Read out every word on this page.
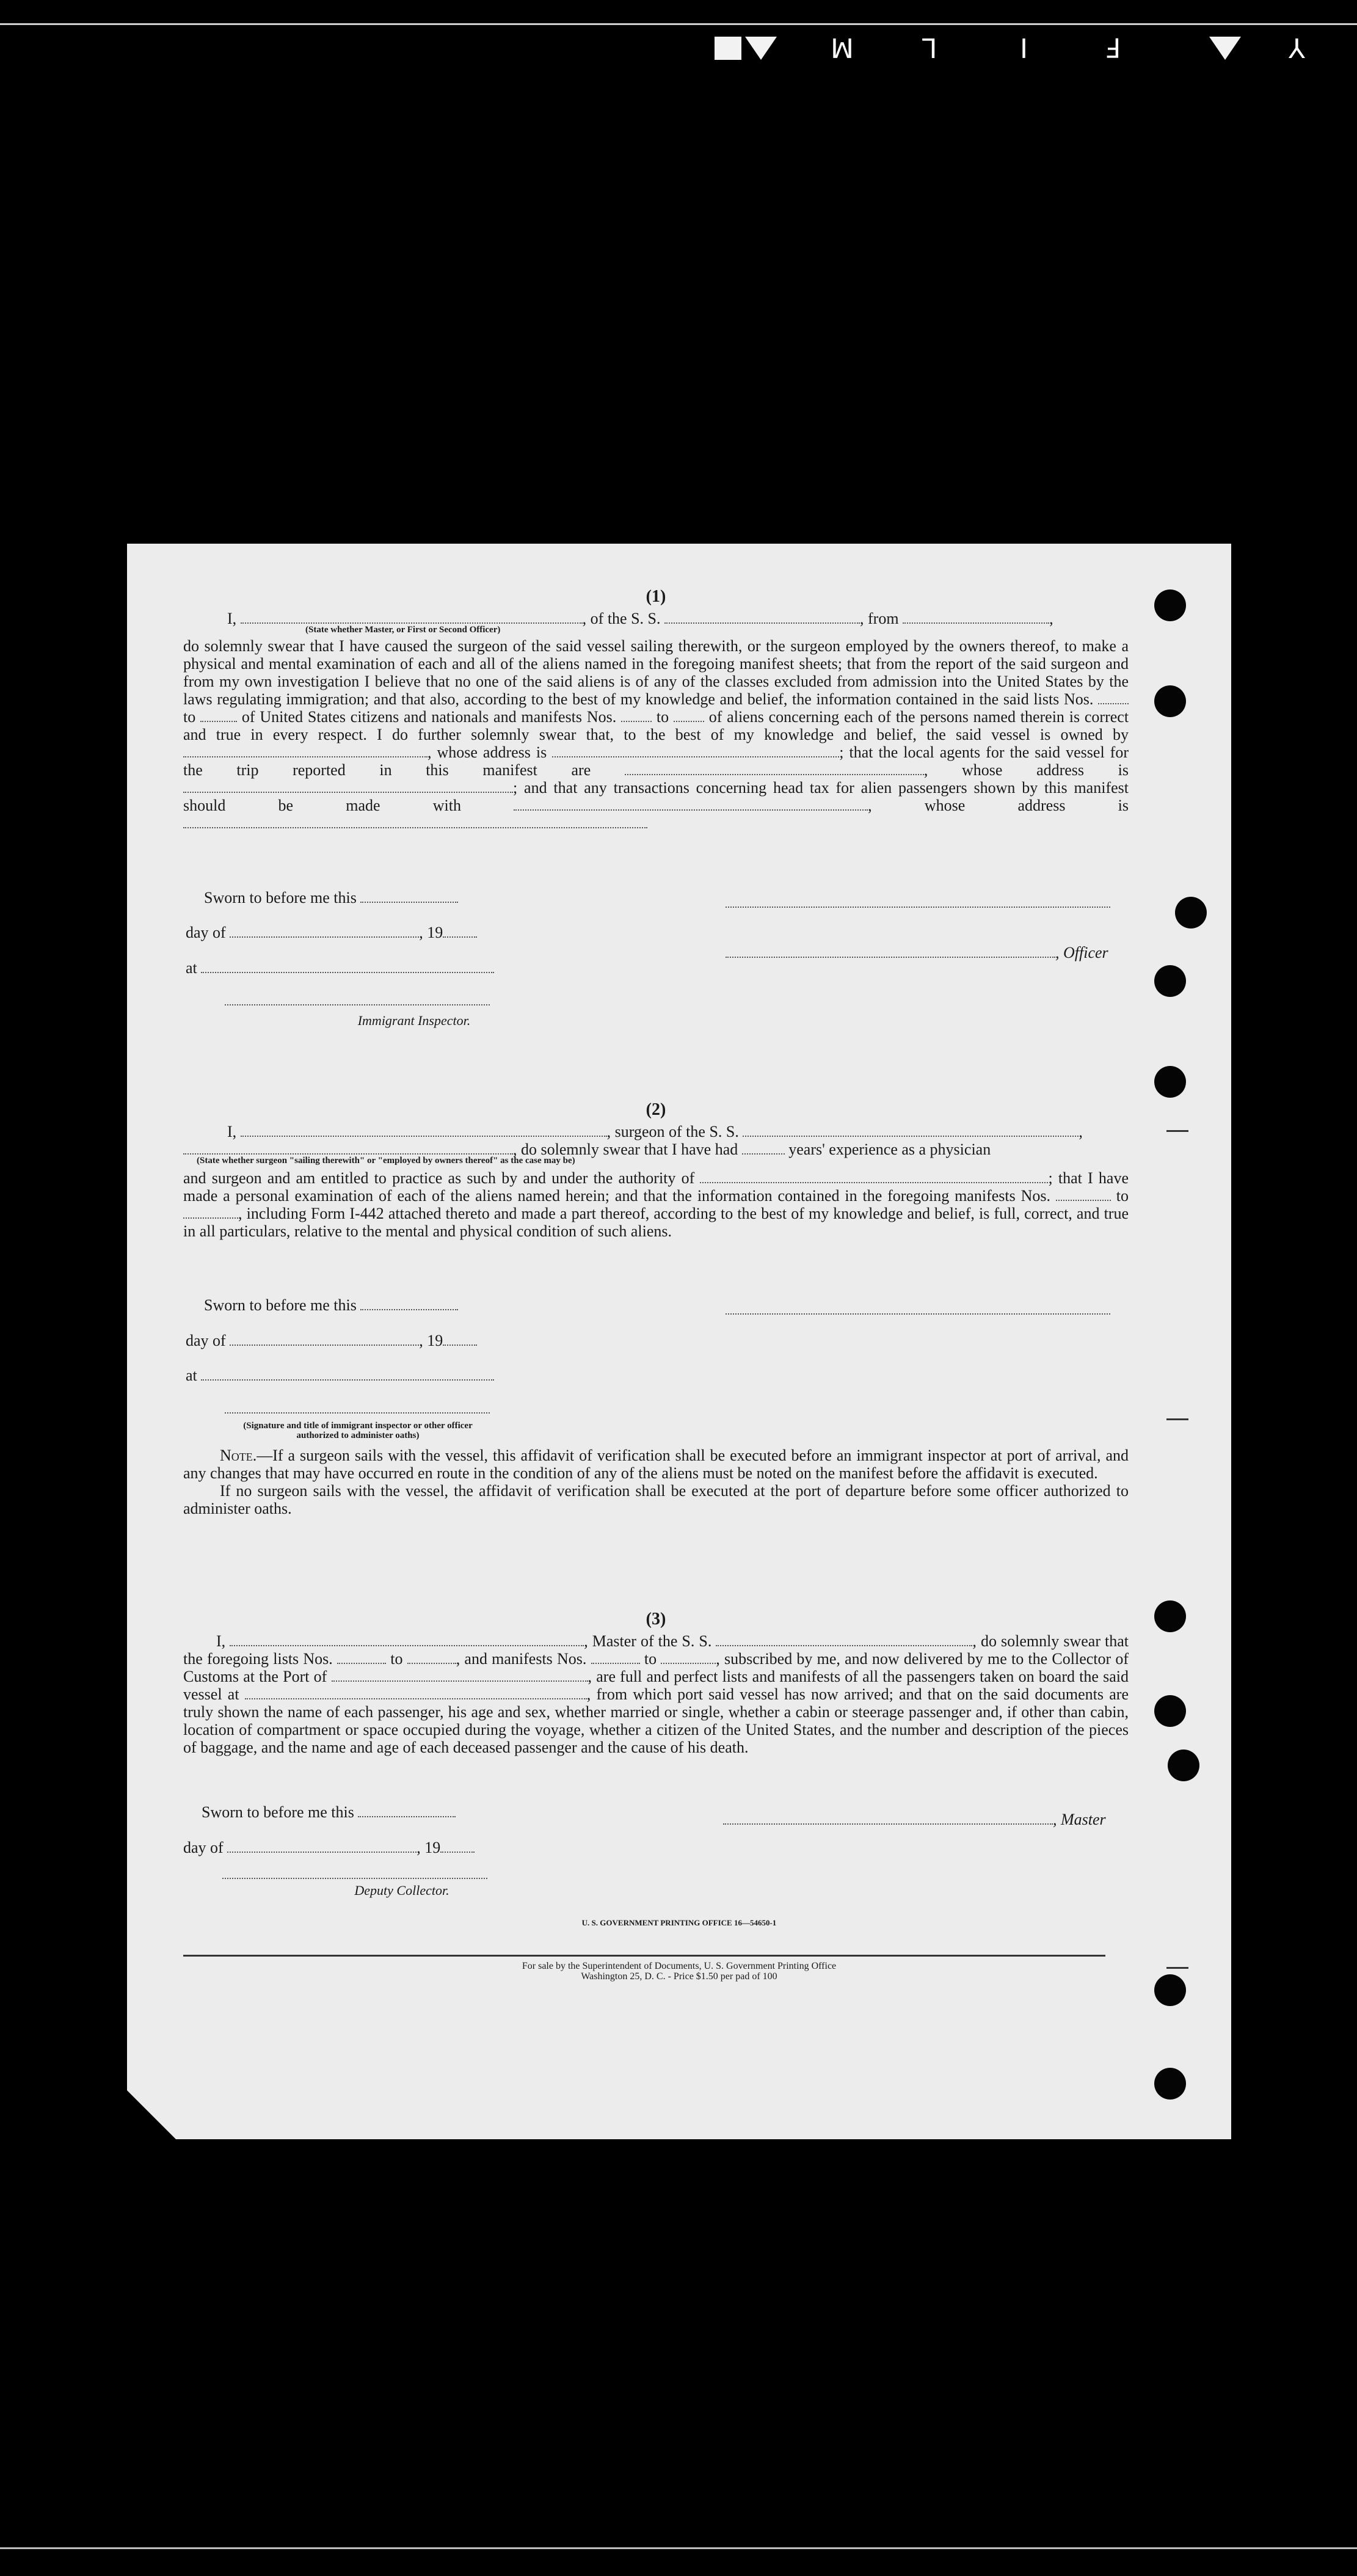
M	L	I	F	Y
(1)
I,	, of the S. S.	, from	,
(State whether Master, or First or Second Officer)
do solemnly swear that I have caused the surgeon of the said vessel sailing therewith, or the surgeon employed by the owners thereof, to make a physical and mental examination of each and all of the aliens named in the foregoing manifest sheets; that from the report of the said surgeon and from my own investigation I believe that no one of the said aliens is of any of the classes excluded from admission into the United States by the laws regulating immigration; and that also, according to the best of my knowledge and belief, the information contained in the said lists Nos.  to	of United States citizens and nationals and manifests Nos.	to	of aliens concerning each of the persons named therein is correct and true in every respect. I do further solemnly swear that, to the best of my knowledge and belief, the said vessel is owned by , whose address is	; that the local agents for the said vessel for the trip reported in this manifest are	, whose address is ; and that any transactions concerning head tax for alien passengers shown by this manifest should be made with	, whose address is
Sworn to before me this
day of	, 19
at
Immigrant Inspector.
, Officer
(2)
I,	, surgeon of the S. S.	,
, do solemnly swear that I have had	years' experience as a physician
(State whether surgeon "sailing therewith" or "employed by owners thereof" as the case may be)
and surgeon and am entitled to practice as such by and under the authority of	; that I have made a personal examination of each of the aliens named herein; and that the information contained in the foregoing manifests Nos.	to , including Form I-442 attached thereto and made a part thereof, according to the best of my knowledge and belief, is full, correct, and true in all particulars, relative to the mental and physical condition of such aliens.
Sworn to before me this
day of	, 19
at
(Signature and title of immigrant inspector or other officer authorized to administer oaths)
Note.—If a surgeon sails with the vessel, this affidavit of verification shall be executed before an immigrant inspector at port of arrival, and any changes that may have occurred en route in the condition of any of the aliens must be noted on the manifest before the affidavit is executed.
If no surgeon sails with the vessel, the affidavit of verification shall be executed at the port of departure before some officer authorized to administer oaths.
(3)
I,	, Master of the S. S.	, do solemnly swear that the foregoing lists Nos.	to	, and manifests Nos.	to	, subscribed by me, and now delivered by me to the Collector of Customs at the Port of	, are full and perfect lists and manifests of all the passengers taken on board the said vessel at	, from which port said vessel has now arrived; and that on the said documents are truly shown the name of each passenger, his age and sex, whether married or single, whether a cabin or steerage passenger and, if other than cabin, location of compartment or space occupied during the voyage, whether a citizen of the United States, and the number and description of the pieces of baggage, and the name and age of each deceased passenger and the cause of his death.
Sworn to before me this
day of	, 19
Deputy Collector.
, Master
U. S. GOVERNMENT PRINTING OFFICE 16—54650-1
For sale by the Superintendent of Documents, U. S. Government Printing Office
Washington 25, D. C. - Price $1.50 per pad of 100
